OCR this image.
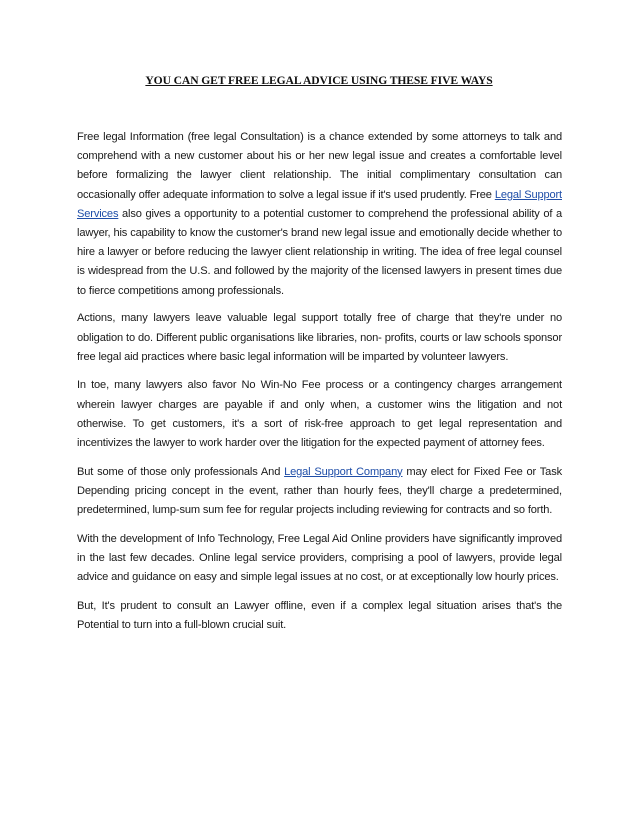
YOU CAN GET FREE LEGAL ADVICE USING THESE FIVE WAYS

Free legal Information (free legal Consultation) is a chance extended by some attorneys to talk and comprehend with a new customer about his or her new legal issue and creates a comfortable level before formalizing the lawyer client relationship. The initial complimentary consultation can occasionally offer adequate information to solve a legal issue if it's used prudently. Free Legal Support Services also gives a opportunity to a potential customer to comprehend the professional ability of a lawyer, his capability to know the customer's brand new legal issue and emotionally decide whether to hire a lawyer or before reducing the lawyer client relationship in writing. The idea of free legal counsel is widespread from the U.S. and followed by the majority of the licensed lawyers in present times due to fierce competitions among professionals.

Actions, many lawyers leave valuable legal support totally free of charge that they're under no obligation to do. Different public organisations like libraries, non- profits, courts or law schools sponsor free legal aid practices where basic legal information will be imparted by volunteer lawyers.

In toe, many lawyers also favor No Win-No Fee process or a contingency charges arrangement wherein lawyer charges are payable if and only when, a customer wins the litigation and not otherwise. To get customers, it's a sort of risk-free approach to get legal representation and incentivizes the lawyer to work harder over the litigation for the expected payment of attorney fees.

But some of those only professionals And Legal Support Company may elect for Fixed Fee or Task Depending pricing concept in the event, rather than hourly fees, they'll charge a predetermined, predetermined, lump-sum sum fee for regular projects including reviewing for contracts and so forth.

With the development of Info Technology, Free Legal Aid Online providers have significantly improved in the last few decades. Online legal service providers, comprising a pool of lawyers, provide legal advice and guidance on easy and simple legal issues at no cost, or at exceptionally low hourly prices.

But, It's prudent to consult an Lawyer offline, even if a complex legal situation arises that's the Potential to turn into a full-blown crucial suit.
